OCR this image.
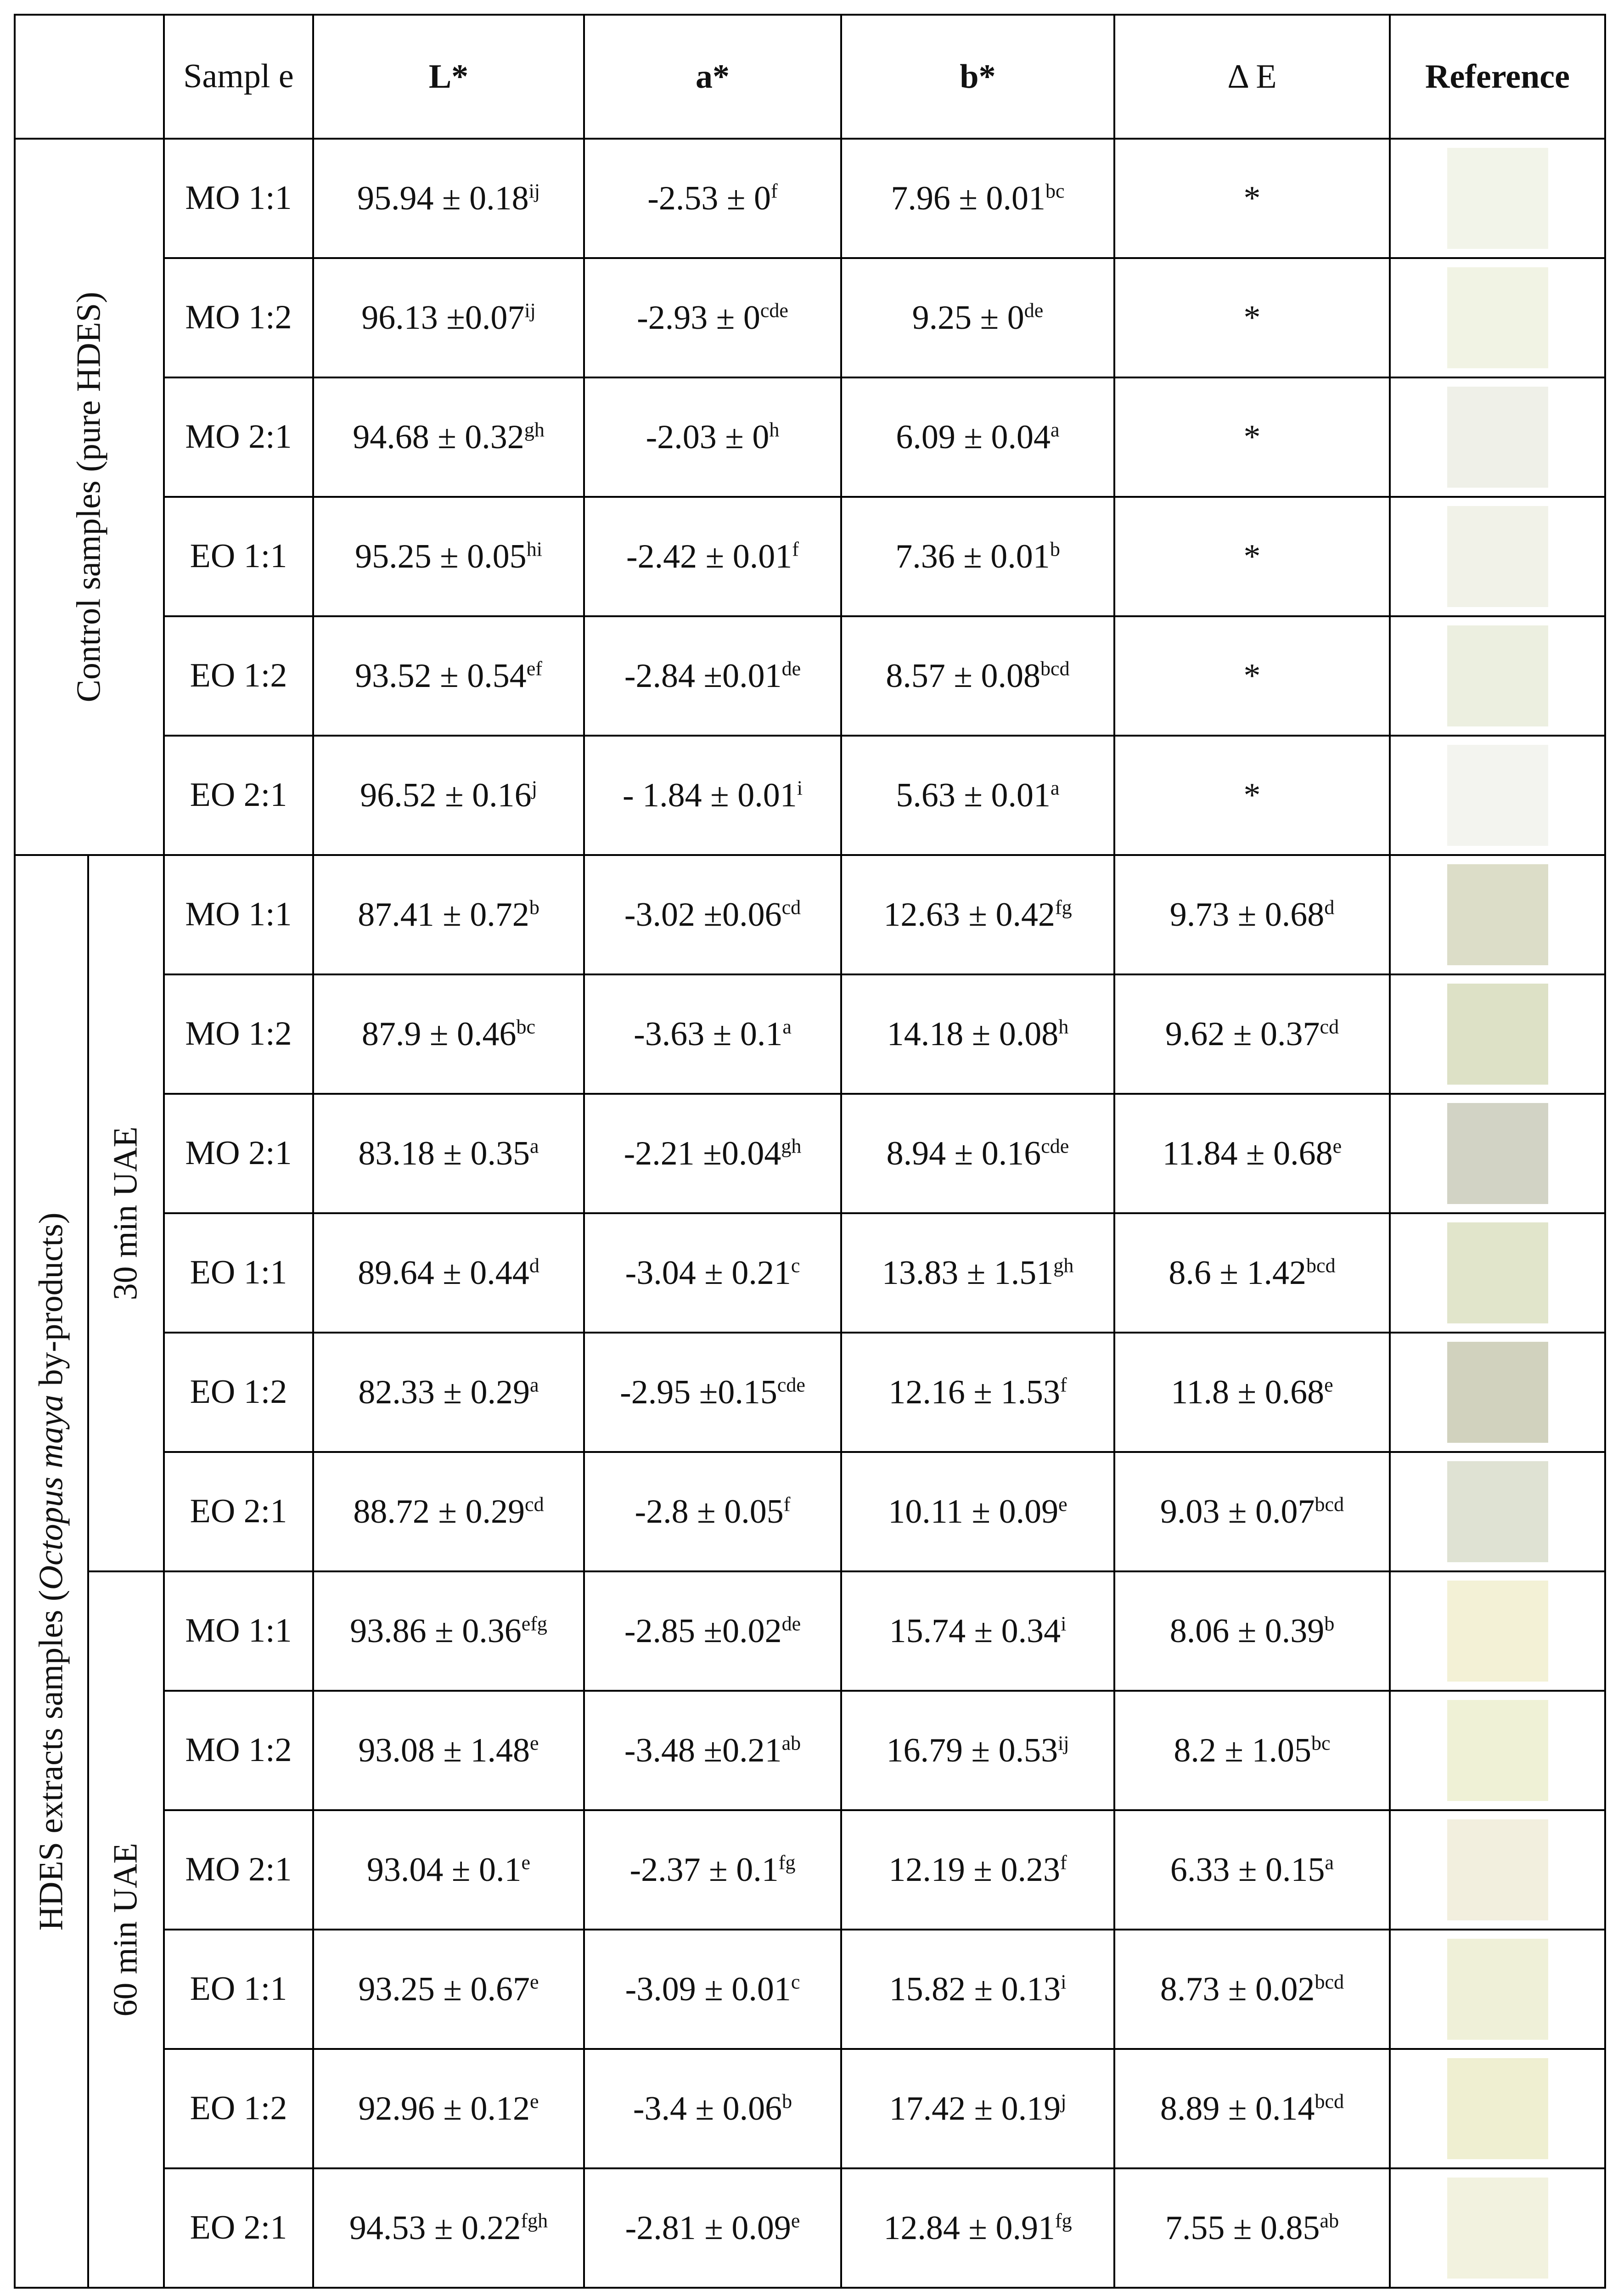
		Sampl e	L*	a*	b*	Δ E	Reference

Control samples (pure HDES)		MO 1:1	$95.94 \pm 0.18^{ij}$	$-2.53 \pm 0^f$	7.96 ± 0.01$^{bc}$	*	

		MO 1:2	$96.13 \pm 0.07^{ij}$	$-2.93 \pm 0^{cde}$	9.25 ± 0de	*	

		MO 2:1	94.68 ± 0.32$^{gh}$	$-2.03 \pm 0^h$	6.09 ± 0.04$^a$	*	

		EO 1:1	$95.25 \pm 0.05^{hi}$	-2.42 ± 0.01$^f$	7.36 ± 0.01$^b$	*	

		EO 1:2	93.52 ± 0.54$^{ef}$	-2.84 ±0.01de	8.57 ± 0.08$^{bcd}$	*	

		EO 2:1	$96.52 \pm 0.16^j$	- $1.84 \pm 0.01^i$	5.63 ± 0.01$^a$	*	

HDES extracts samples (Octopus maya by-products)	30 min UAE	MO 1:1	87.41 ± 0.72$^b$	-3.02 ±0.06$^{cd}$	12.63 ± 0.42$^{fg}$	9.73 ± 0.68$^d$	

		MO 1:2	87.9 ± 0.46$^{bc}$	-3.63 ± 0.1$^a$	14.18 ± 0.08$^h$	9.62 ± 0.37$^{cd}$	

		MO 2:1	83.18 ± 0.35$^a$	-2.21 ±0.04$^{gh}$	8.94 ± 0.16$^{cde}$	11.84 ± 0.68$^e$	

		EO 1:1	89.64 ± 0.44$^d$	-3.04 ± 0.21$^c$	13.83 ± 1.51$^{gh}$	8.6 ± 1.42$^{bcd}$	

		EO 1:2	82.33 ± 0.29$^a$	-2.95 ±0.15$^{cde}$	12.16 ± 1.53$^f$	11.8 ± 0.68$^e$	

		EO 2:1	88.72 ± 0.29$^{cd}$	-2.8 ± 0.05$^f$	10.11 ± 0.09$^e$	9.03 ± 0.07$^{bcd}$	

	60 min UAE	MO 1:1	93.86 ± 0.36$^{efg}$	-2.85 ±0.02de	$15.74 \pm 0.34^i$	8.06 ± 0.39$^b$	

		MO 1:2	93.08 ± 1.48$^e$	-3.48 ±0.21$^{ab}$	$16.79 \pm 0.53^{ij}$	8.2 ± 1.05$^{bc}$	

		MO 2:1	93.04 ± 0.1$^e$	-2.37 ± 0.1$^{fg}$	12.19 ± 0.23$^f$	6.33 ± 0.15$^a$	

		EO 1:1	93.25 ± 0.67$^e$	-3.09 ± 0.01$^c$	$15.82 \pm 0.13^i$	8.73 ± 0.02$^{bcd}$	

		EO 1:2	92.96 ± 0.12$^e$	-3.4 ± 0.06$^b$	$17.42 \pm 0.19^j$	8.89 ± 0.14$^{bcd}$	

		EO 2:1	94.53 ± 0.22$^{fgh}$	-2.81 ± 0.09$^e$	12.84 ± 0.91$^{fg}$	7.55 ± 0.85$^{ab}$	
